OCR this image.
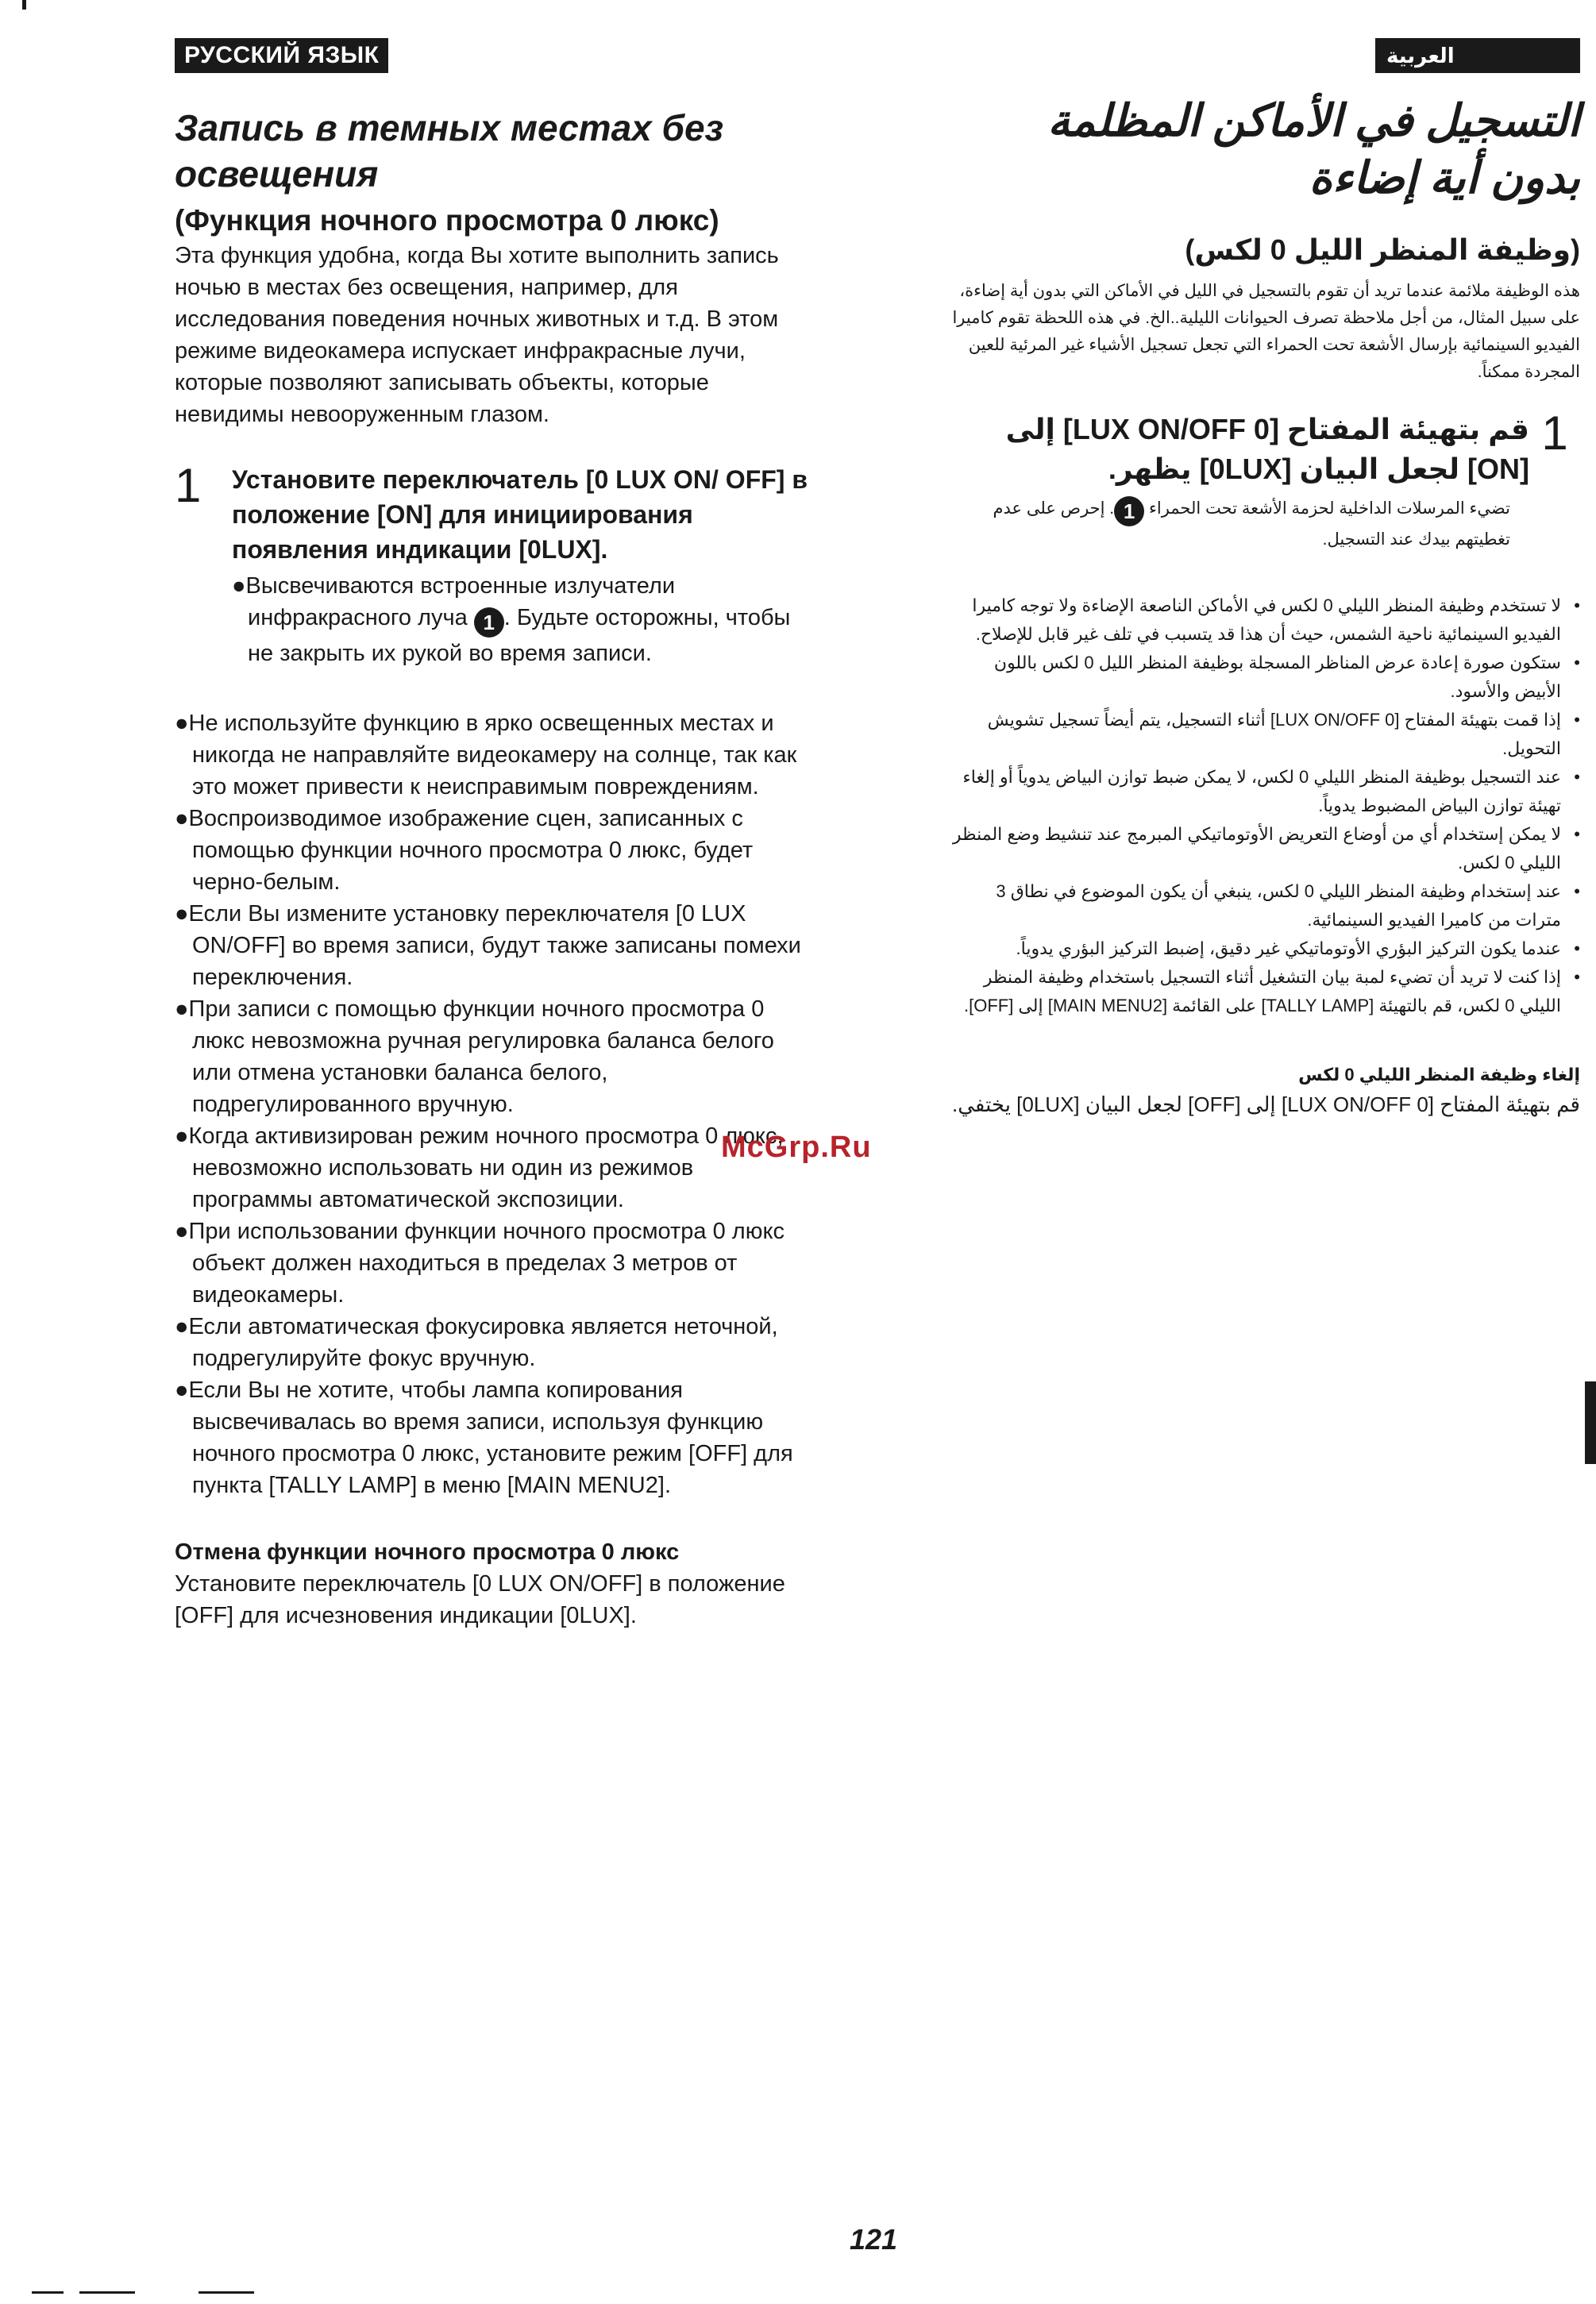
РУССКИЙ ЯЗЫК
Запись в темных местах без
освещения
(Функция ночного просмотра 0 люкс)

Эта функция удобна, когда Вы хотите выполнить запись ночью в местах без освещения, например, для исследования поведения ночных животных и т.д. В этом режиме видеокамера испускает инфракрасные лучи, которые позволяют записывать объекты, которые невидимы невооруженным глазом.

1	Установите переключатель [0 LUX ON/ OFF] в положение [ON] для инициирования появления индикации [0LUX].
●Высвечиваются встроенные излучатели инфракрасного луча 1 . Будьте осторожны, чтобы не закрыть их рукой во время записи.
●Не используйте функцию в ярко освещенных местах и никогда не направляйте видеокамеру на солнце, так как это может привести к неисправимым повреждениям.
●Воспроизводимое изображение сцен, записанных с помощью функции ночного просмотра 0 люкс, будет черно-белым.
●Если Вы измените установку переключателя [0 LUX ON/OFF] во время записи, будут также записаны помехи переключения.
●При записи с помощью функции ночного просмотра 0 люкс невозможна ручная регулировка баланса белого или отмена установки баланса белого, подрегулированного вручную.
●Когда активизирован режим ночного просмотра 0 люкс, невозможно использовать ни один из режимов программы автоматической экспозиции.
●При использовании функции ночного просмотра 0 люкс объект должен находиться в пределах 3 метров от видеокамеры.
●Если автоматическая фокусировка является неточной, подрегулируйте фокус вручную.
●Если Вы не хотите, чтобы лампа копирования высвечивалась во время записи, используя функцию ночного просмотра 0 люкс, установите режим [OFF] для пункта [TALLY LAMP] в меню [MAIN MENU2].
Отмена функции ночного просмотра 0 люкс
Установите переключатель [0 LUX ON/OFF] в положение [OFF] для исчезновения индикации [0LUX].
العربية
التسجيل في الأماكن المظلمة بدون أية إضاءة
(وظيفة المنظر الليل 0 لكس)

هذه الوظيفة ملائمة عندما تريد أن تقوم بالتسجيل في الليل في الأماكن التي بدون أية إضاءة، على سبيل المثال، من أجل ملاحظة تصرف الحيوانات الليلية..الخ. في هذه اللحظة تقوم كاميرا الفيديو السينمائية بإرسال الأشعة تحت الحمراء التي تجعل تسجيل الأشياء غير المرئية للعين المجردة ممكناً.

1
قم بتهيئة المفتاح [0 LUX ON/OFF] إلى [ON] لجعل البيان [0LUX] يظهر.
تضيء المرسلات الداخلية لحزمة الأشعة تحت الحمراء 1. إحرص على عدم تغطيتهم بيدك عند التسجيل.
• لا تستخدم وظيفة المنظر الليلي 0 لكس في الأماكن الناصعة الإضاءة ولا توجه كاميرا الفيديو السينمائية ناحية الشمس، حيث أن هذا قد يتسبب في تلف غير قابل للإصلاح.
• ستكون صورة إعادة عرض المناظر المسجلة بوظيفة المنظر الليل 0 لكس باللون الأبيض والأسود.
• إذا قمت بتهيئة المفتاح [0 LUX ON/OFF] أثناء التسجيل، يتم أيضاً تسجيل تشويش التحويل.
• عند التسجيل بوظيفة المنظر الليلي 0 لكس، لا يمكن ضبط توازن البياض يدوياً أو إلغاء تهيئة توازن البياض المضبوط يدوياً.
• لا يمكن إستخدام أي من أوضاع التعريض الأوتوماتيكي المبرمج عند تنشيط وضع المنظر الليلي 0 لكس.
• عند إستخدام وظيفة المنظر الليلي 0 لكس، ينبغي أن يكون الموضوع في نطاق 3 مترات من كاميرا الفيديو السينمائية.
• عندما يكون التركيز البؤري الأوتوماتيكي غير دقيق، إضبط التركيز البؤري يدوياً.
• إذا كنت لا تريد أن تضيء لمبة بيان التشغيل أثناء التسجيل باستخدام وظيفة المنظر الليلي 0 لكس، قم بالتهيئة [TALLY LAMP] على القائمة [MAIN MENU2] إلى [OFF].
إلغاء وظيفة المنظر الليلي 0 لكس
قم بتهيئة المفتاح [0 LUX ON/OFF] إلى [OFF] لجعل البيان [0LUX] يختفي.
McGrp.Ru
121
